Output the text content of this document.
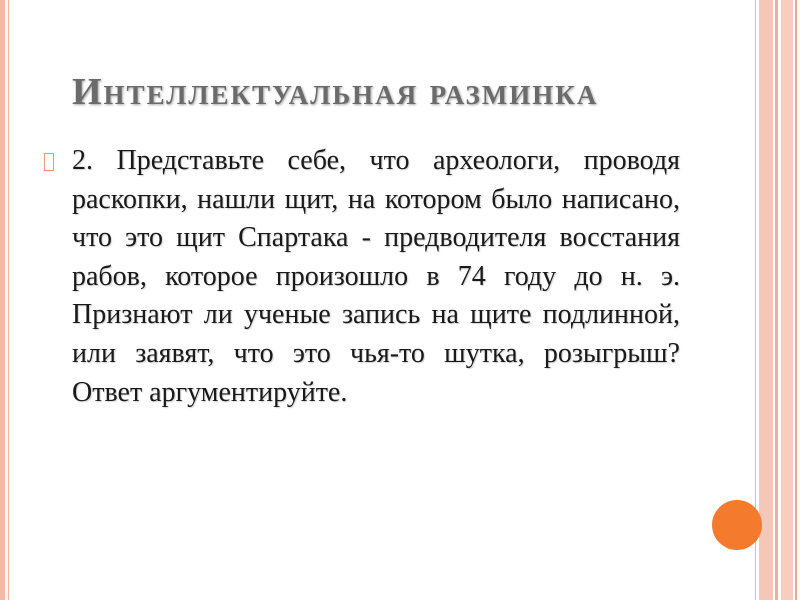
Интеллектуальная разминка
2. Представьте себе, что археологи, проводя раскопки, нашли щит, на котором было написано, что это щит Спартака - предводителя восстания рабов, которое произошло в 74 году до н. э. Признают ли ученые запись на щите подлинной, или заявят, что это чья-то шутка, розыгрыш? Ответ аргументируйте.
